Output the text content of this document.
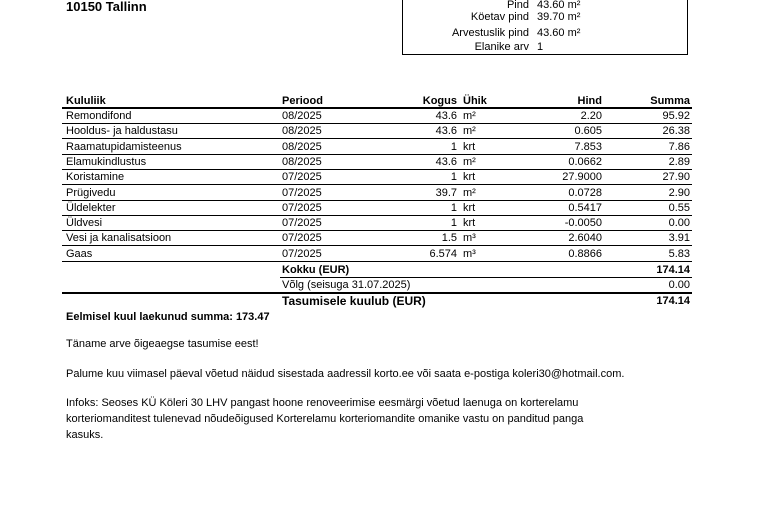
10150 Tallinn	Pind 43.60 m²
Köetav pind 39.70 m²
Arvestuslik pind 43.60 m²
Elanike arv 1
Kululiik	Periood	Kogus Ühik	Hind	Summa
Remondifond	08/2025	43.6 m²	2.20	95.92
Hooldus- ja haldustasu	08/2025	43.6 m²	0.605	26.38
Raamatupidamisteenus	08/2025	1 krt	7.853	7.86
Elamukindlustus	08/2025	43.6 m²	0.0662	2.89
Koristamine	07/2025	1 krt	27.9000	27.90
Prügivedu	07/2025	39.7 m²	0.0728	2.90
Üldelekter	07/2025	1 krt	0.5417	0.55
Üldvesi	07/2025	1 krt	-0.0050	0.00
Vesi ja kanalisatsioon	07/2025	1.5 m³	2.6040	3.91
Gaas	07/2025	6.574 m³	0.8866	5.83
Kokku (EUR)	174.14
Võlg (seisuga 31.07.2025)	0.00
Tasumisele kuulub (EUR)	174.14
Eelmisel kuul laekunud summa: 173.47
Täname arve õigeaegse tasumise eest!
Palume kuu viimasel päeval võetud näidud sisestada aadressil korto.ee või saata e-postiga koleri30@hotmail.com.
Infoks: Seoses KÜ Köleri 30 LHV pangast hoone renoveerimise eesmärgi võetud laenuga on korterelamu
korteriomanditest tulenevad nõudeõigused Korterelamu korteriomandite omanike vastu on panditud panga
kasuks.
